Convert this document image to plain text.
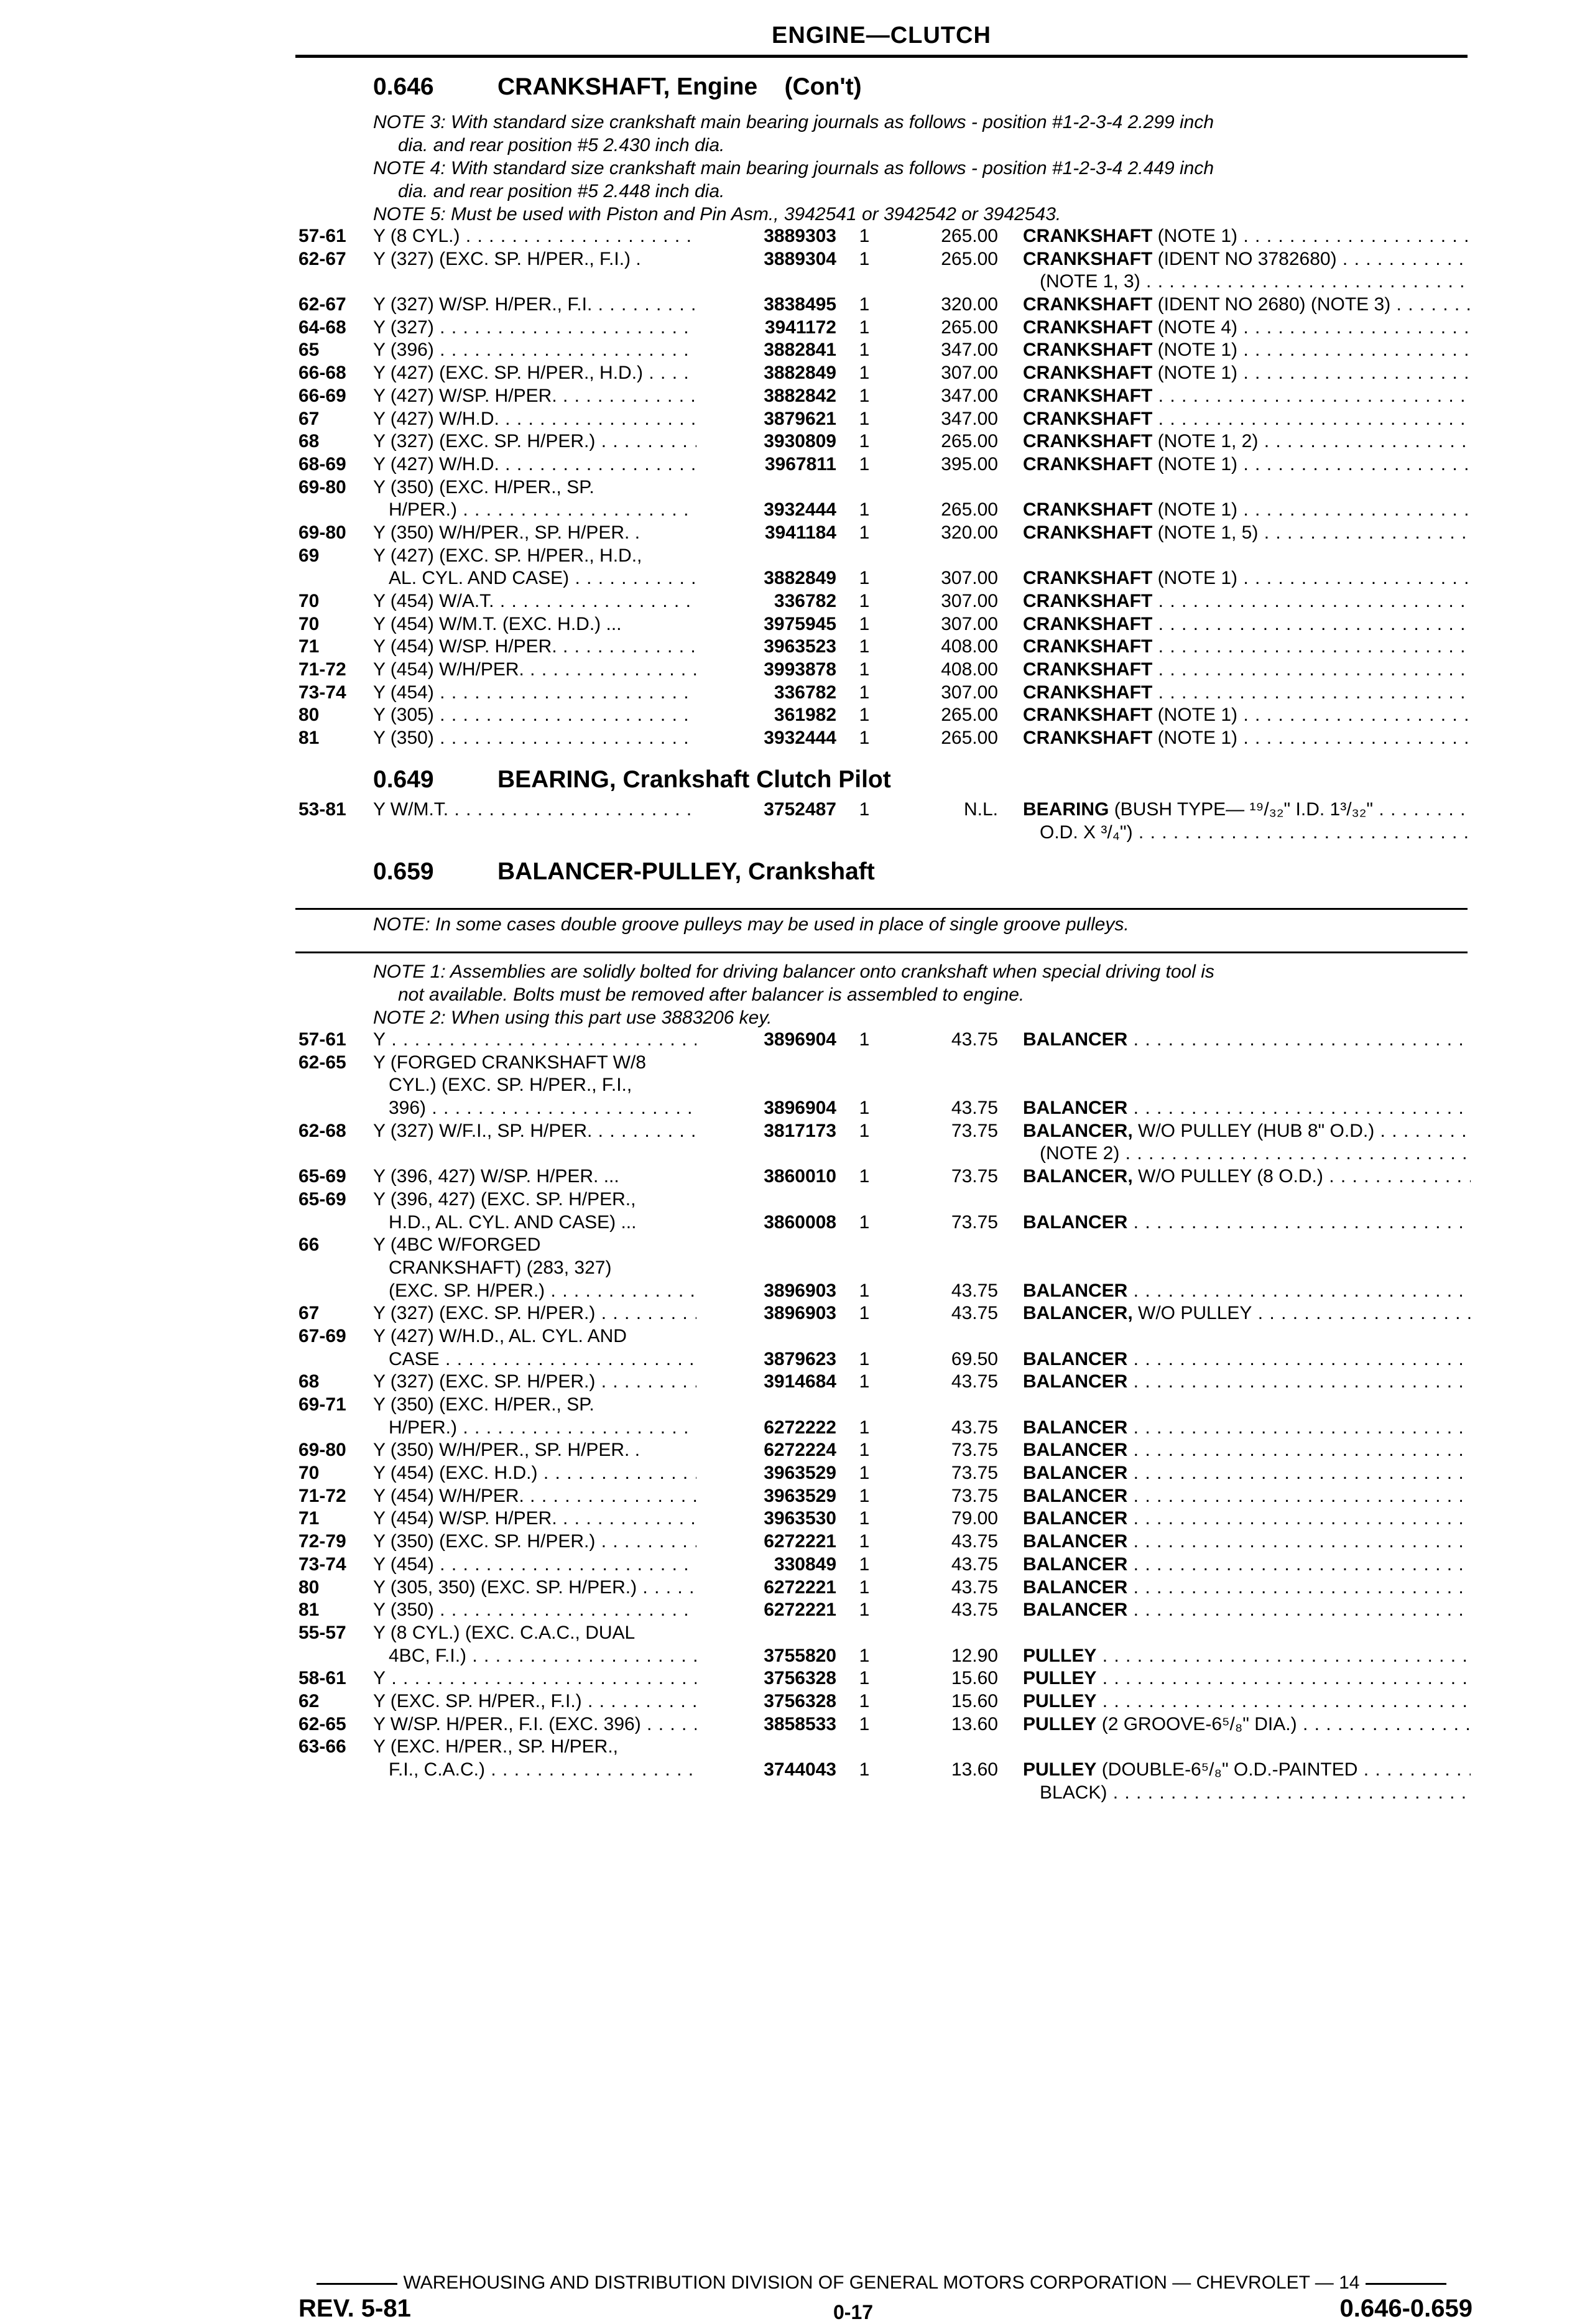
ENGINE—CLUTCH
0.646	CRANKSHAFT, Engine (Con't)
NOTE 3: With standard size crankshaft main bearing journals as follows - position #1-2-3-4 2.299 inch
dia. and rear position #5 2.430 inch dia.
NOTE 4: With standard size crankshaft main bearing journals as follows - position #1-2-3-4 2.449 inch
dia. and rear position #5 2.448 inch dia.
NOTE 5: Must be used with Piston and Pin Asm., 3942541 or 3942542 or 3942543.
57-61	Y (8 CYL.) . . .	3889303 1	265.00 CRANKSHAFT (NOTE 1) . . .
62-67	Y (327) (EXC. SP. H/PER., F.I.) .	3889304 1	265.00 CRANKSHAFT (IDENT NO 3782680) . . .
(NOTE 1, 3) . . .
62-67	Y (327) W/SP. H/PER., F.I. . . .	3838495 1	320.00 CRANKSHAFT (IDENT NO 2680) (NOTE 3) . . .
64-68	Y (327) . . .	3941172 1	265.00 CRANKSHAFT (NOTE 4) . . .
65	Y (396) . . .	3882841 1	347.00 CRANKSHAFT (NOTE 1) . . .
66-68	Y (427) (EXC. SP. H/PER., H.D.) . . .	3882849 1	307.00 CRANKSHAFT (NOTE 1) . . .
66-69	Y (427) W/SP. H/PER. . . .	3882842 1	347.00 CRANKSHAFT . . .
67	Y (427) W/H.D. . . .	3879621 1	347.00 CRANKSHAFT . . .
68	Y (327) (EXC. SP. H/PER.) . . .	3930809 1	265.00 CRANKSHAFT (NOTE 1, 2) . . .
68-69	Y (427) W/H.D. . . .	3967811 1	395.00 CRANKSHAFT (NOTE 1) . . .
69-80	Y (350) (EXC. H/PER., SP.
H/PER.) . . .	3932444 1	265.00 CRANKSHAFT (NOTE 1) . . .
69-80	Y (350) W/H/PER., SP. H/PER. .	3941184 1	320.00 CRANKSHAFT (NOTE 1, 5) . . .
69	Y (427) (EXC. SP. H/PER., H.D.,
AL. CYL. AND CASE) . . .	3882849 1	307.00 CRANKSHAFT (NOTE 1) . . .
70	Y (454) W/A.T. . . .	336782 1	307.00 CRANKSHAFT . . .
70	Y (454) W/M.T. (EXC. H.D.) ...	3975945 1	307.00 CRANKSHAFT . . .
71	Y (454) W/SP. H/PER. . . .	3963523 1	408.00 CRANKSHAFT . . .
71-72	Y (454) W/H/PER. . . .	3993878 1	408.00 CRANKSHAFT . . .
73-74	Y (454) . . .	336782 1	307.00 CRANKSHAFT . . .
80	Y (305) . . .	361982 1	265.00 CRANKSHAFT (NOTE 1) . . .
81	Y (350) . . .	3932444 1	265.00 CRANKSHAFT (NOTE 1) . . .
0.649	BEARING, Crankshaft Clutch Pilot
53-81	Y W/M.T. . . .	3752487 1	N.L. BEARING (BUSH TYPE— ¹⁹/₃₂" I.D. 1³/₃₂" . . .
O.D. X ³/₄") . . .
0.659	BALANCER-PULLEY, Crankshaft
NOTE: In some cases double groove pulleys may be used in place of single groove pulleys.
NOTE 1: Assemblies are solidly bolted for driving balancer onto crankshaft when special driving tool is
not available. Bolts must be removed after balancer is assembled to engine.
NOTE 2: When using this part use 3883206 key.
57-61	Y . . .	3896904 1	43.75 BALANCER . . .
62-65	Y (FORGED CRANKSHAFT W/8
CYL.) (EXC. SP. H/PER., F.I.,
396) . . .	3896904 1	43.75 BALANCER . . .
62-68	Y (327) W/F.I., SP. H/PER. . . .	3817173 1	73.75 BALANCER, W/O PULLEY (HUB 8" O.D.) . . .
(NOTE 2) . . .
65-69	Y (396, 427) W/SP. H/PER. ...	3860010 1	73.75 BALANCER, W/O PULLEY (8 O.D.) . . .
65-69	Y (396, 427) (EXC. SP. H/PER.,
H.D., AL. CYL. AND CASE) ...	3860008 1	73.75 BALANCER . . .
66	Y (4BC W/FORGED
CRANKSHAFT) (283, 327)
(EXC. SP. H/PER.) . . .	3896903 1	43.75 BALANCER . . .
67	Y (327) (EXC. SP. H/PER.) . . .	3896903 1	43.75 BALANCER, W/O PULLEY . . .
67-69	Y (427) W/H.D., AL. CYL. AND
CASE . . .	3879623 1	69.50 BALANCER . . .
68	Y (327) (EXC. SP. H/PER.) . . .	3914684 1	43.75 BALANCER . . .
69-71	Y (350) (EXC. H/PER., SP.
H/PER.) . . .	6272222 1	43.75 BALANCER . . .
69-80	Y (350) W/H/PER., SP. H/PER. .	6272224 1	73.75 BALANCER . . .
70	Y (454) (EXC. H.D.) . . .	3963529 1	73.75 BALANCER . . .
71-72	Y (454) W/H/PER. . . .	3963529 1	73.75 BALANCER . . .
71	Y (454) W/SP. H/PER. . . .	3963530 1	79.00 BALANCER . . .
72-79	Y (350) (EXC. SP. H/PER.) . . .	6272221 1	43.75 BALANCER . . .
73-74	Y (454) . . .	330849 1	43.75 BALANCER . . .
80	Y (305, 350) (EXC. SP. H/PER.) . . .	6272221 1	43.75 BALANCER . . .
81	Y (350) . . .	6272221 1	43.75 BALANCER . . .
55-57	Y (8 CYL.) (EXC. C.A.C., DUAL
4BC, F.I.) . . .	3755820 1	12.90 PULLEY . . .
58-61	Y . . .	3756328 1	15.60 PULLEY . . .
62	Y (EXC. SP. H/PER., F.I.) . . .	3756328 1	15.60 PULLEY . . .
62-65	Y W/SP. H/PER., F.I. (EXC. 396) . . .	3858533 1	13.60 PULLEY (2 GROOVE-6⁵/₈" DIA.) . . .
63-66	Y (EXC. H/PER., SP. H/PER.,
F.I., C.A.C.) . . .	3744043 1	13.60 PULLEY (DOUBLE-6⁵/₈" O.D.-PAINTED . . .
BLACK) . . .
WAREHOUSING AND DISTRIBUTION DIVISION OF GENERAL MOTORS CORPORATION — CHEVROLET — 14
REV. 5-81	0-17	0.646-0.659
